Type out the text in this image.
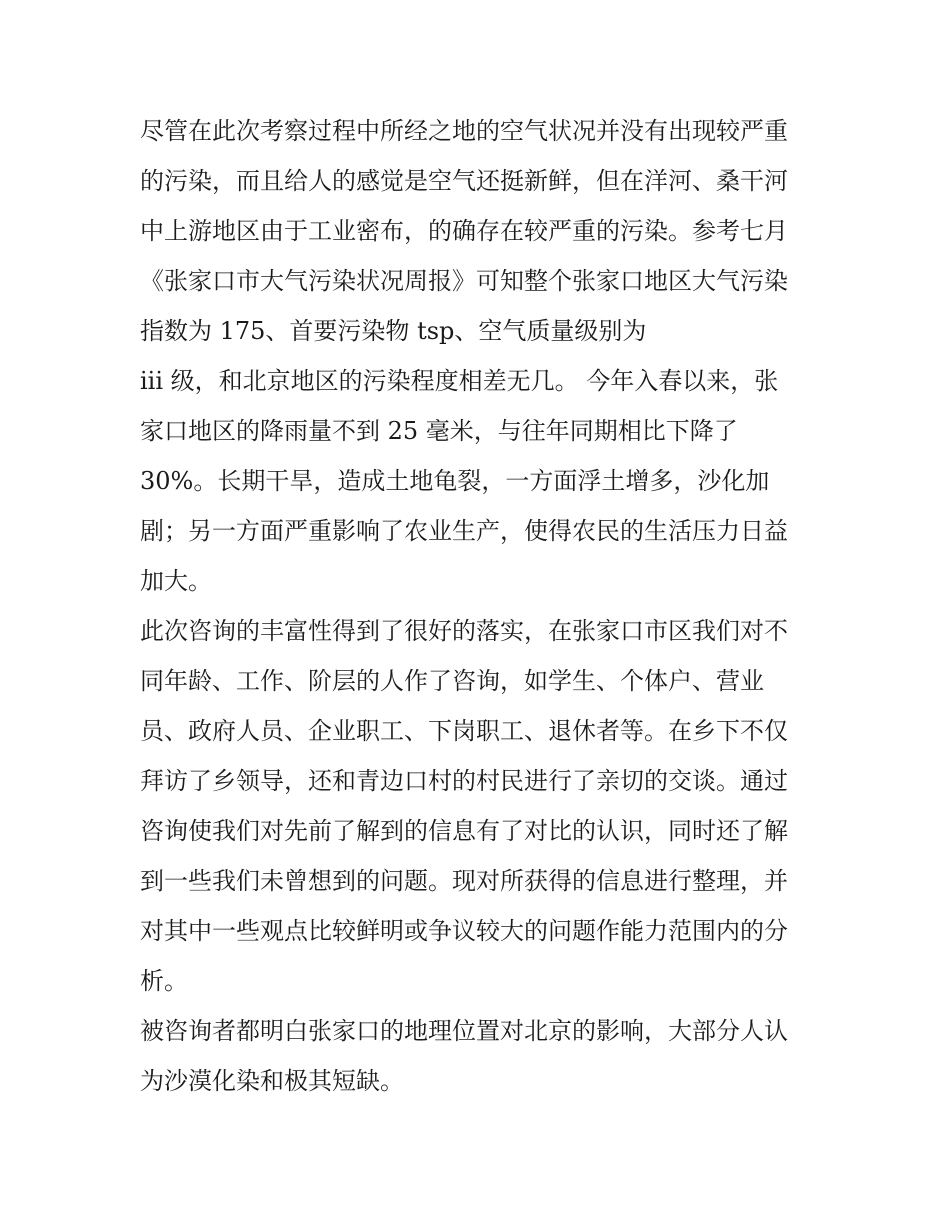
尽管在此次考察过程中所经之地的空气状况并没有出现较严重
的污染，而且给人的感觉是空气还挺新鲜，但在洋河、桑干河
中上游地区由于工业密布，的确存在较严重的污染。参考七月
《张家口市大气污染状况周报》可知整个张家口地区大气污染
指数为 175、首要污染物 tsp、空气质量级别为
iii 级，和北京地区的污染程度相差无几。 今年入春以来，张
家口地区的降雨量不到 25 毫米，与往年同期相比下降了
30%。长期干旱，造成土地龟裂，一方面浮土增多，沙化加
剧；另一方面严重影响了农业生产，使得农民的生活压力日益
加大。
此次咨询的丰富性得到了很好的落实，在张家口市区我们对不
同年龄、工作、阶层的人作了咨询，如学生、个体户、营业
员、政府人员、企业职工、下岗职工、退休者等。在乡下不仅
拜访了乡领导，还和青边口村的村民进行了亲切的交谈。通过
咨询使我们对先前了解到的信息有了对比的认识，同时还了解
到一些我们未曾想到的问题。现对所获得的信息进行整理，并
对其中一些观点比较鲜明或争议较大的问题作能力范围内的分
析。
被咨询者都明白张家口的地理位置对北京的影响，大部分人认
为沙漠化染和极其短缺。
